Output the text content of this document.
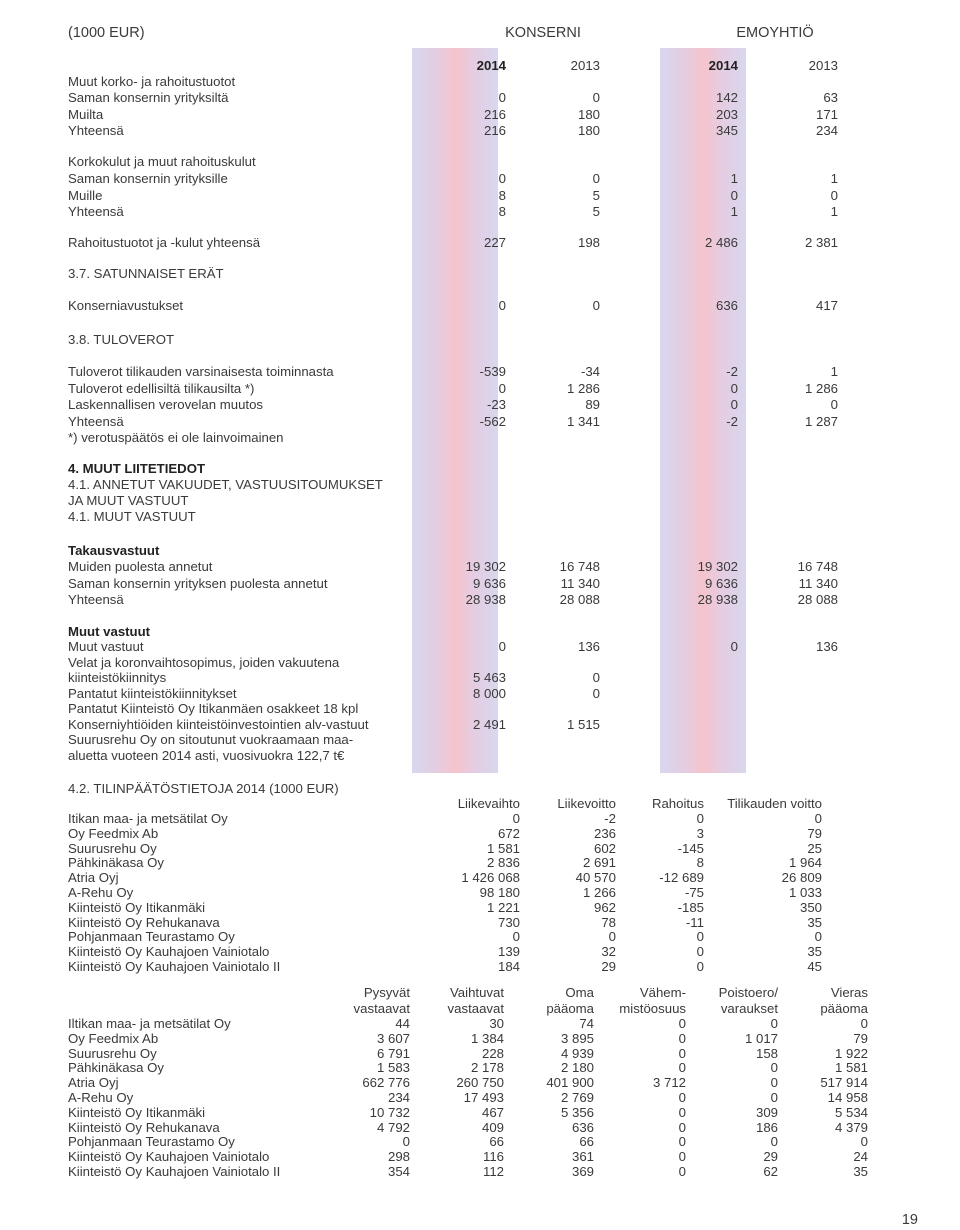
(1000 EUR)	KONSERNI	EMOYHTIÖ
2014	2013	2014	2013
Muut korko- ja rahoitustuotot
Saman konsernin yrityksiltä	0	0	142	63
Muilta	216	180	203	171
Yhteensä	216	180	345	234
Korkokulut ja muut rahoituskulut
Saman konsernin yrityksille	0	0	1	1
Muille	8	5	0	0
Yhteensä	8	5	1	1
Rahoitustuotot ja -kulut yhteensä	227	198	2 486	2 381
3.7. SATUNNAISET ERÄT
Konserniavustukset	0	0	636	417
3.8. TULOVEROT
Tuloverot tilikauden varsinaisesta toiminnasta	-539	-34	-2	1
Tuloverot edellisiltä tilikausilta *)	0	1 286	0	1 286
Laskennallisen verovelan muutos	-23	89	0	0
Yhteensä	-562	1 341	-2	1 287
*) verotuspäätös ei ole lainvoimainen
4. MUUT LIITETIEDOT
4.1. ANNETUT VAKUUDET, VASTUUSITOUMUKSET
JA MUUT VASTUUT
4.1. MUUT VASTUUT
Takausvastuut
Muiden puolesta annetut	19 302	16 748	19 302	16 748
Saman konsernin yrityksen puolesta annetut	9 636	11 340	9 636	11 340
Yhteensä	28 938	28 088	28 938	28 088
Muut vastuut
Muut vastuut	0	136	0	136
Velat ja koronvaihtosopimus, joiden vakuutena
kiinteistökiinnitys	5 463	0
Pantatut kiinteistökiinnitykset	8 000	0
Pantatut Kiinteistö Oy Itikanmäen osakkeet 18 kpl
Konserniyhtiöiden kiinteistöinvestointien alv-vastuut	2 491	1 515
Suurusrehu Oy on sitoutunut vuokraamaan maa-
aluetta vuoteen 2014 asti, vuosivuokra 122,7 t€
4.2. TILINPÄÄTÖSTIETOJA 2014 (1000 EUR)
Liikevaihto	Liikevoitto	Rahoitus	Tilikauden voitto
Itikan maa- ja metsätilat Oy	0	-2	0	0
Oy Feedmix Ab	672	236	3	79
Suurusrehu Oy	1 581	602	-145	25
Pähkinäkasa Oy	2 836	2 691	8	1 964
Atria Oyj	1 426 068	40 570	-12 689	26 809
A-Rehu Oy	98 180	1 266	-75	1 033
Kiinteistö Oy Itikanmäki	1 221	962	-185	350
Kiinteistö Oy Rehukanava	730	78	-11	35
Pohjanmaan Teurastamo Oy	0	0	0	0
Kiinteistö Oy Kauhajoen Vainiotalo	139	32	0	35
Kiinteistö Oy Kauhajoen Vainiotalo II	184	29	0	45
Pysyvät	Vaihtuvat	Oma	Vähem-	Poistoero/	Vieras
vastaavat	vastaavat	pääoma	mistöosuus	varaukset	pääoma
Iltikan maa- ja metsätilat Oy	44	30	74	0	0	0
Oy Feedmix Ab	3 607	1 384	3 895	0	1 017	79
Suurusrehu Oy	6 791	228	4 939	0	158	1 922
Pähkinäkasa Oy	1 583	2 178	2 180	0	0	1 581
Atria Oyj	662 776	260 750	401 900	3 712	0	517 914
A-Rehu Oy	234	17 493	2 769	0	0	14 958
Kiinteistö Oy Itikanmäki	10 732	467	5 356	0	309	5 534
Kiinteistö Oy Rehukanava	4 792	409	636	0	186	4 379
Pohjanmaan Teurastamo Oy	0	66	66	0	0	0
Kiinteistö Oy Kauhajoen Vainiotalo	298	116	361	0	29	24
Kiinteistö Oy Kauhajoen Vainiotalo II	354	112	369	0	62	35
19
